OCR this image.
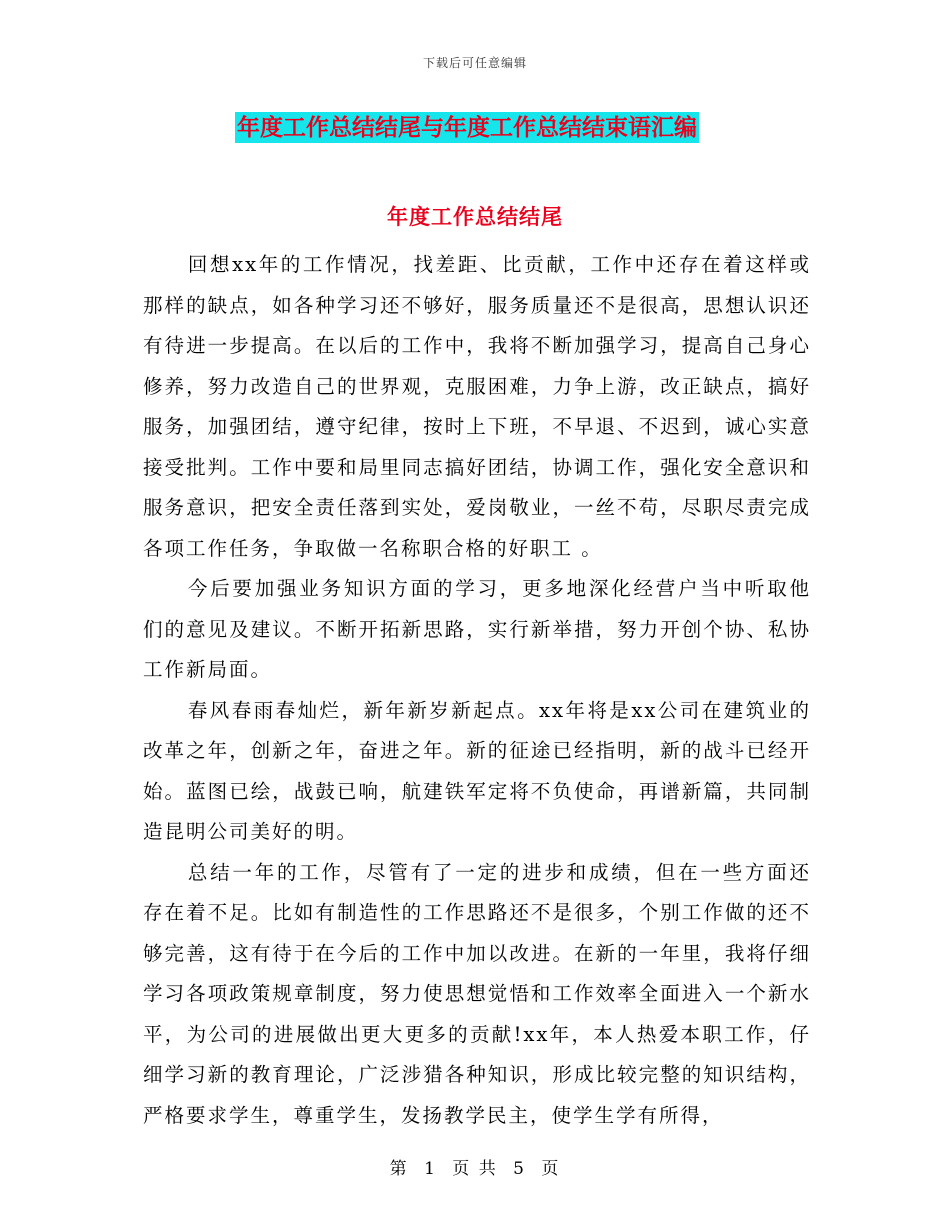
下载后可任意编辑
年度工作总结结尾与年度工作总结结束语汇编
年度工作总结结尾

回想xx年的工作情况，找差距、比贡献，工作中还存在着这样或那样的缺点，如各种学习还不够好，服务质量还不是很高，思想认识还有待进一步提高。在以后的工作中，我将不断加强学习，提高自己身心修养，努力改造自己的世界观，克服困难，力争上游，改正缺点，搞好服务，加强团结，遵守纪律，按时上下班，不早退、不迟到，诚心实意接受批判。工作中要和局里同志搞好团结，协调工作，强化安全意识和服务意识，把安全责任落到实处，爱岗敬业，一丝不苟，尽职尽责完成各项工作任务，争取做一名称职合格的好职工 。

今后要加强业务知识方面的学习，更多地深化经营户当中听取他们的意见及建议。不断开拓新思路，实行新举措，努力开创个协、私协工作新局面。

春风春雨春灿烂，新年新岁新起点。xx年将是xx公司在建筑业的改革之年，创新之年，奋进之年。新的征途已经指明，新的战斗已经开始。蓝图已绘，战鼓已响，航建铁军定将不负使命，再谱新篇，共同制造昆明公司美好的明。

总结一年的工作，尽管有了一定的进步和成绩，但在一些方面还存在着不足。比如有制造性的工作思路还不是很多，个别工作做的还不够完善，这有待于在今后的工作中加以改进。在新的一年里，我将仔细学习各项政策规章制度，努力使思想觉悟和工作效率全面进入一个新水平，为公司的进展做出更大更多的贡献!xx年，本人热爱本职工作，仔细学习新的教育理论，广泛涉猎各种知识，形成比较完整的知识结构，严格要求学生，尊重学生，发扬教学民主，使学生学有所得，

第 1 页 共 5 页
